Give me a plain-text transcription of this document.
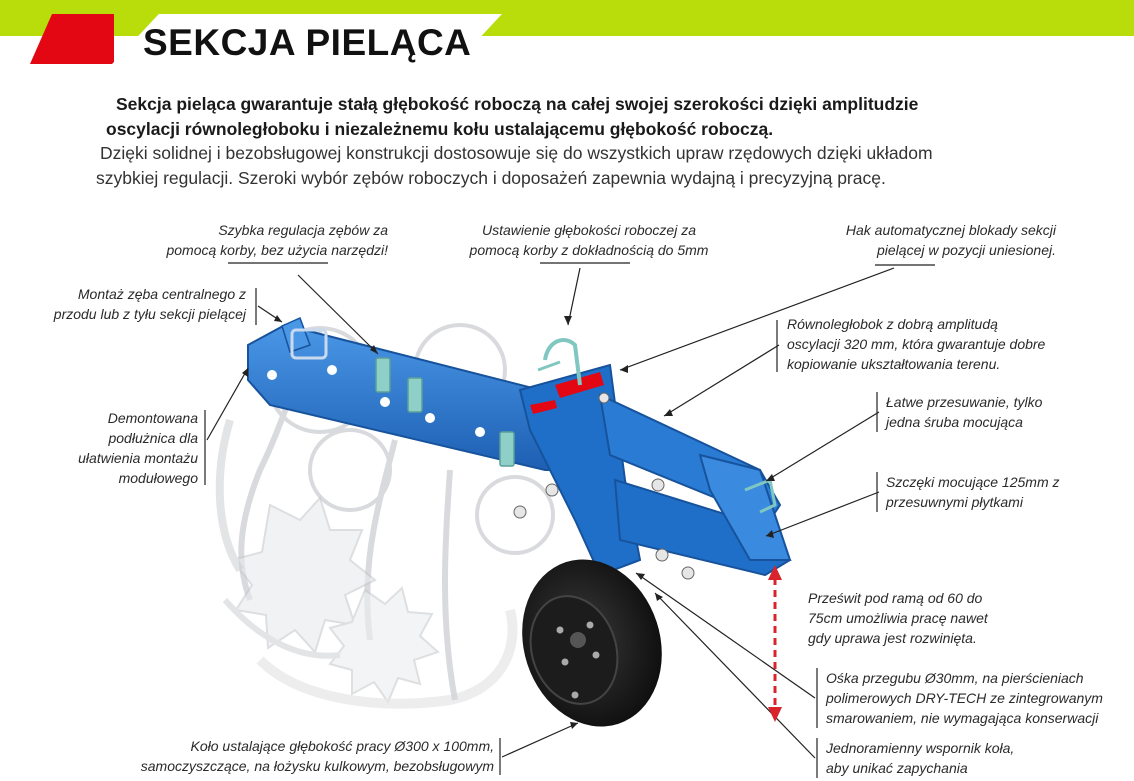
SEKCJA PIELĄCA
Sekcja pieląca gwarantuje stałą głębokość roboczą na całej swojej szerokości dzięki amplitudzie
oscylacji równoległoboku i niezależnemu kołu ustalającemu głębokość roboczą.
Dzięki solidnej i bezobsługowej konstrukcji dostosowuje się do wszystkich upraw rzędowych dzięki układom
szybkiej regulacji. Szeroki wybór zębów roboczych i doposażeń zapewnia wydajną i precyzyjną pracę.
Szybka regulacja zębów za
pomocą korby, bez użycia narzędzi!
Ustawienie głębokości roboczej za
pomocą korby z dokładnością do 5mm
Hak automatycznej blokady sekcji
pielącej w pozycji uniesionej.
Montaż zęba centralnego z
przodu lub z tyłu sekcji pielącej
Równoległobok z dobrą amplitudą
oscylacji 320 mm, która gwarantuje dobre
kopiowanie ukształtowania terenu.
Demontowana
podłużnica dla
ułatwienia montażu
modułowego
Łatwe przesuwanie, tylko
jedna śruba mocująca
Szczęki mocujące 125mm z
przesuwnymi płytkami
Prześwit pod ramą od 60 do
75cm umożliwia pracę nawet
gdy uprawa jest rozwinięta.
Ośka przegubu Ø30mm, na pierścieniach
polimerowych DRY-TECH ze zintegrowanym
smarowaniem, nie wymagająca konserwacji
Koło ustalające głębokość pracy Ø300 x 100mm,
samoczyszczące, na łożysku kulkowym, bezobsługowym
Jednoramienny wspornik koła,
aby unikać zapychania
